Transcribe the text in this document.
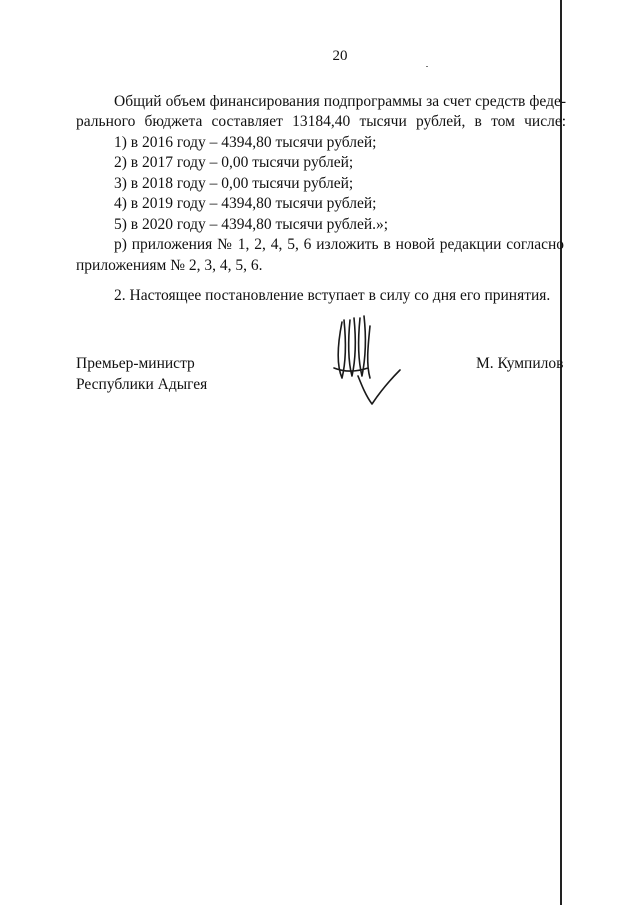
20
Общий объем финансирования подпрограммы за счет средств феде-
рального бюджета составляет 13184,40 тысячи рублей, в том числе:
1) в 2016 году – 4394,80 тысячи рублей;
2) в 2017 году – 0,00 тысячи рублей;
3) в 2018 году – 0,00 тысячи рублей;
4) в 2019 году – 4394,80 тысячи рублей;
5) в 2020 году – 4394,80 тысячи рублей.»;
р) приложения № 1, 2, 4, 5, 6 изложить в новой редакции согласно
приложениям № 2, 3, 4, 5, 6.
2. Настоящее постановление вступает в силу со дня его принятия.
Премьер-министр
Республики Адыгея
М. Кумпилов
